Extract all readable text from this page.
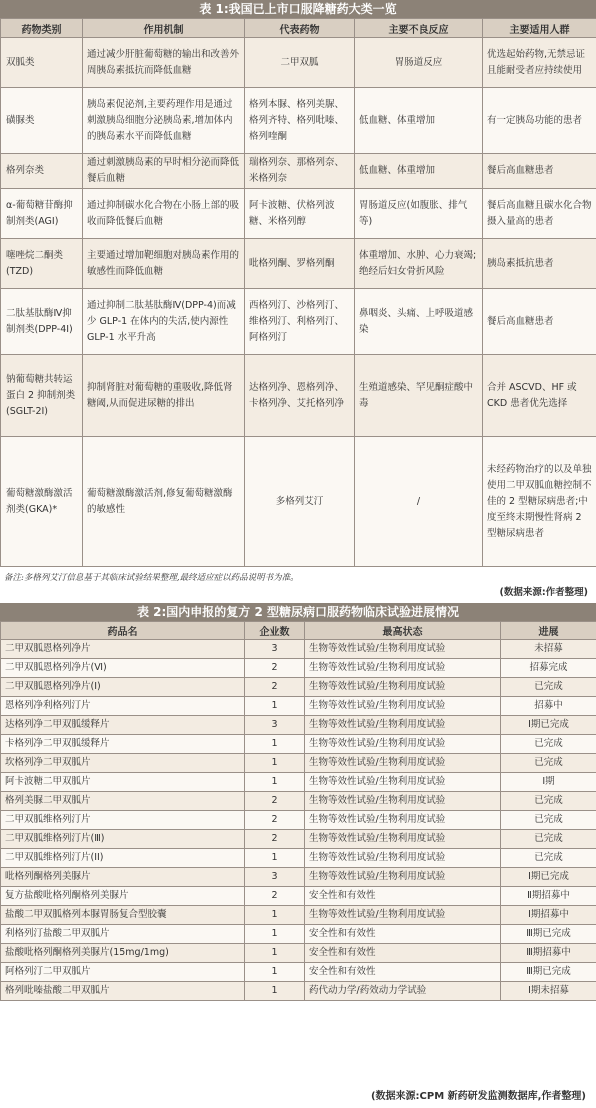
表 1:我国已上市口服降糖药大类一览
药物类别	作用机制	代表药物	主要不良反应	主要适用人群
双胍类	通过减少肝脏葡萄糖的输出和改善外周胰岛素抵抗而降低血糖	二甲双胍	胃肠道反应	优选起始药物,无禁忌证且能耐受者应持续使用
磺脲类	胰岛素促泌剂,主要药理作用是通过刺激胰岛细胞分泌胰岛素,增加体内的胰岛素水平而降低血糖	格列本脲、格列美脲、格列齐特、格列吡嗪、格列喹酮	低血糖、体重增加	有一定胰岛功能的患者
格列奈类	通过刺激胰岛素的早时相分泌而降低餐后血糖	瑞格列奈、那格列奈、米格列奈	低血糖、体重增加	餐后高血糖患者
α-葡萄糖苷酶抑制剂类(AGI)	通过抑制碳水化合物在小肠上部的吸收而降低餐后血糖	阿卡波糖、伏格列波糖、米格列醇	胃肠道反应(如腹胀、排气等)	餐后高血糖且碳水化合物摄入量高的患者
噻唑烷二酮类(TZD)	主要通过增加靶细胞对胰岛素作用的敏感性而降低血糖	吡格列酮、罗格列酮	体重增加、水肿、心力衰竭;绝经后妇女骨折风险	胰岛素抵抗患者
二肽基肽酶Ⅳ抑制剂类(DPP-4I)	通过抑制二肽基肽酶Ⅳ(DPP-4)而减少 GLP-1 在体内的失活,使内源性 GLP-1 水平升高	西格列汀、沙格列汀、维格列汀、利格列汀、阿格列汀	鼻咽炎、头痛、上呼吸道感染	餐后高血糖患者
钠葡萄糖共转运蛋白 2 抑制剂类(SGLT-2I)	抑制肾脏对葡萄糖的重吸收,降低肾糖阈,从而促进尿糖的排出	达格列净、恩格列净、卡格列净、艾托格列净	生殖道感染、罕见酮症酸中毒	合并 ASCVD、HF 或 CKD 患者优先选择
葡萄糖激酶激活剂类(GKA)*	葡萄糖激酶激活剂,修复葡萄糖激酶的敏感性	多格列艾汀	/	未经药物治疗的以及单独使用二甲双胍血糖控制不佳的 2 型糖尿病患者;中度至终末期慢性肾病 2 型糖尿病患者
备注:多格列艾汀信息基于其临床试验结果整理,最终适应症以药品说明书为准。
(数据来源:作者整理)
表 2:国内申报的复方 2 型糖尿病口服药物临床试验进展情况
药品名	企业数	最高状态	进展
二甲双胍恩格列净片	3	生物等效性试验/生物利用度试验	未招募
二甲双胍恩格列净片(Ⅵ)	2	生物等效性试验/生物利用度试验	招募完成
二甲双胍恩格列净片(Ⅰ)	2	生物等效性试验/生物利用度试验	已完成
恩格列净利格列汀片	1	生物等效性试验/生物利用度试验	招募中
达格列净二甲双胍缓释片	3	生物等效性试验/生物利用度试验	Ⅰ期已完成
卡格列净二甲双胍缓释片	1	生物等效性试验/生物利用度试验	已完成
坎格列净二甲双胍片	1	生物等效性试验/生物利用度试验	已完成
阿卡波糖二甲双胍片	1	生物等效性试验/生物利用度试验	Ⅰ期
格列美脲二甲双胍片	2	生物等效性试验/生物利用度试验	已完成
二甲双胍维格列汀片	2	生物等效性试验/生物利用度试验	已完成
二甲双胍维格列汀片(Ⅲ)	2	生物等效性试验/生物利用度试验	已完成
二甲双胍维格列汀片(II)	1	生物等效性试验/生物利用度试验	已完成
吡格列酮格列美脲片	3	生物等效性试验/生物利用度试验	Ⅰ期已完成
复方盐酸吡格列酮格列美脲片	2	安全性和有效性	Ⅱ期招募中
盐酸二甲双胍格列本脲胃肠复合型胶囊	1	生物等效性试验/生物利用度试验	Ⅰ期招募中
利格列汀盐酸二甲双胍片	1	安全性和有效性	Ⅲ期已完成
盐酸吡格列酮格列美脲片(15mg/1mg)	1	安全性和有效性	Ⅲ期招募中
阿格列汀二甲双胍片	1	安全性和有效性	Ⅲ期已完成
格列吡嗪盐酸二甲双胍片	1	药代动力学/药效动力学试验	Ⅰ期未招募
(数据来源:CPM 新药研发监测数据库,作者整理)
